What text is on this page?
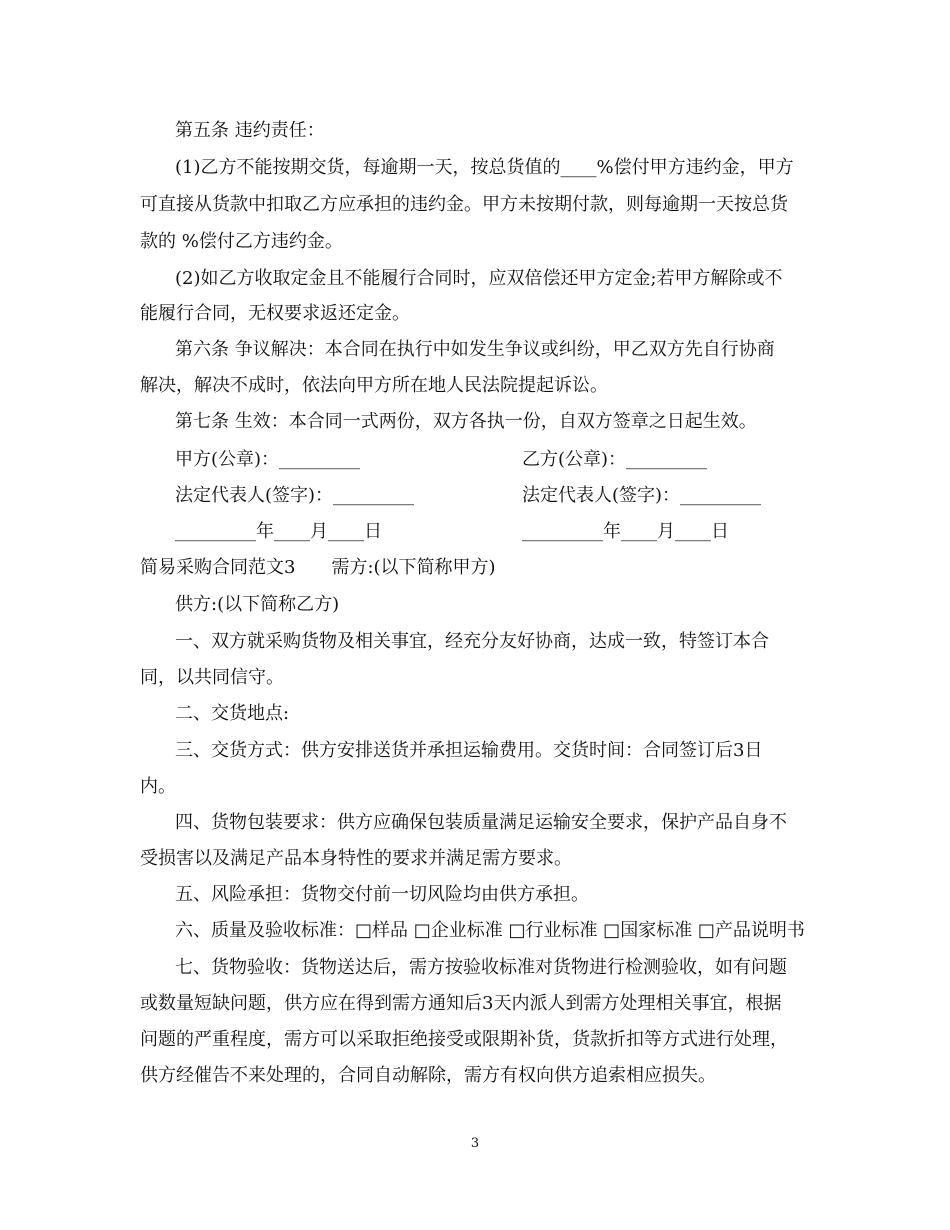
第五条 违约责任：
(1)乙方不能按期交货，每逾期一天，按总货值的____%偿付甲方违约金，甲方
可直接从货款中扣取乙方应承担的违约金。甲方未按期付款，则每逾期一天按总货
款的 %偿付乙方违约金。
(2)如乙方收取定金且不能履行合同时，应双倍偿还甲方定金;若甲方解除或不
能履行合同，无权要求返还定金。
第六条 争议解决：本合同在执行中如发生争议或纠纷，甲乙双方先自行协商
解决，解决不成时，依法向甲方所在地人民法院提起诉讼。
第七条 生效：本合同一式两份，双方各执一份，自双方签章之日起生效。
甲方(公章)：_________	乙方(公章)：_________
法定代表人(签字)：_________	法定代表人(签字)：_________
_________年____月____日	_________年____月____日
简易采购合同范文3　　需方:(以下简称甲方)
供方:(以下简称乙方)
一、双方就采购货物及相关事宜，经充分友好协商，达成一致，特签订本合
同，以共同信守。
二、交货地点:
三、交货方式：供方安排送货并承担运输费用。交货时间：合同签订后3日
内。
四、货物包装要求：供方应确保包装质量满足运输安全要求，保护产品自身不
受损害以及满足产品本身特性的要求并满足需方要求。
五、风险承担：货物交付前一切风险均由供方承担。
六、质量及验收标准：□样品 □企业标准 □行业标准 □国家标准 □产品说明书
七、货物验收：货物送达后，需方按验收标准对货物进行检测验收，如有问题
或数量短缺问题，供方应在得到需方通知后3天内派人到需方处理相关事宜，根据
问题的严重程度，需方可以采取拒绝接受或限期补货，货款折扣等方式进行处理，
供方经催告不来处理的，合同自动解除，需方有权向供方追索相应损失。
3
